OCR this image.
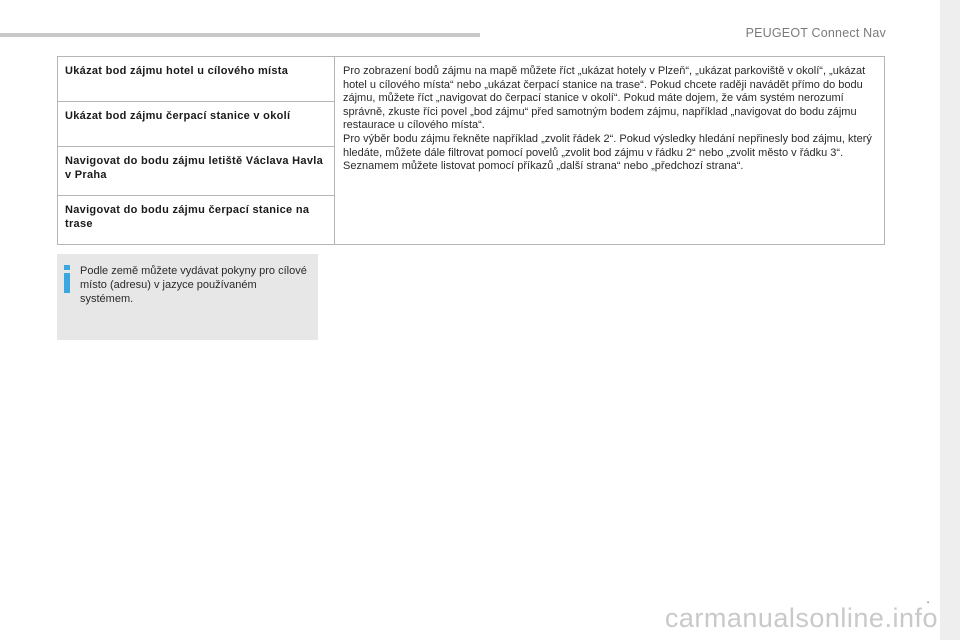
PEUGEOT Connect Nav
Ukázat bod zájmu hotel u cílového místa	Pro zobrazení bodů zájmu na mapě můžete říct „ukázat hotely v Plzeň“, „ukázat parkoviště v okolí“, „ukázat hotel u cílového místa“ nebo „ukázat čerpací stanice na trase“. Pokud chcete raději navádět přímo do bodu zájmu, můžete říct „navigovat do čerpací stanice v okolí“. Pokud máte dojem, že vám systém nerozumí správně, zkuste říci povel „bod zájmu“ před samotným bodem zájmu, například „navigovat do bodu zájmu restaurace u cílového místa“.

Pro výběr bodu zájmu řekněte například „zvolit řádek 2“. Pokud výsledky hledání nepřinesly bod zájmu, který hledáte, můžete dále filtrovat pomocí povelů „zvolit bod zájmu v řádku 2“ nebo „zvolit město v řádku 3“. Seznamem můžete listovat pomocí příkazů „další strana“ nebo „předchozí strana“.

Ukázat bod zájmu čerpací stanice v okolí
Navigovat do bodu zájmu letiště Václava Havla v Praha
Navigovat do bodu zájmu čerpací stanice na trase
Podle země můžete vydávat pokyny pro cílové místo (adresu) v jazyce používaném systémem.
.
carmanualsonline.info
